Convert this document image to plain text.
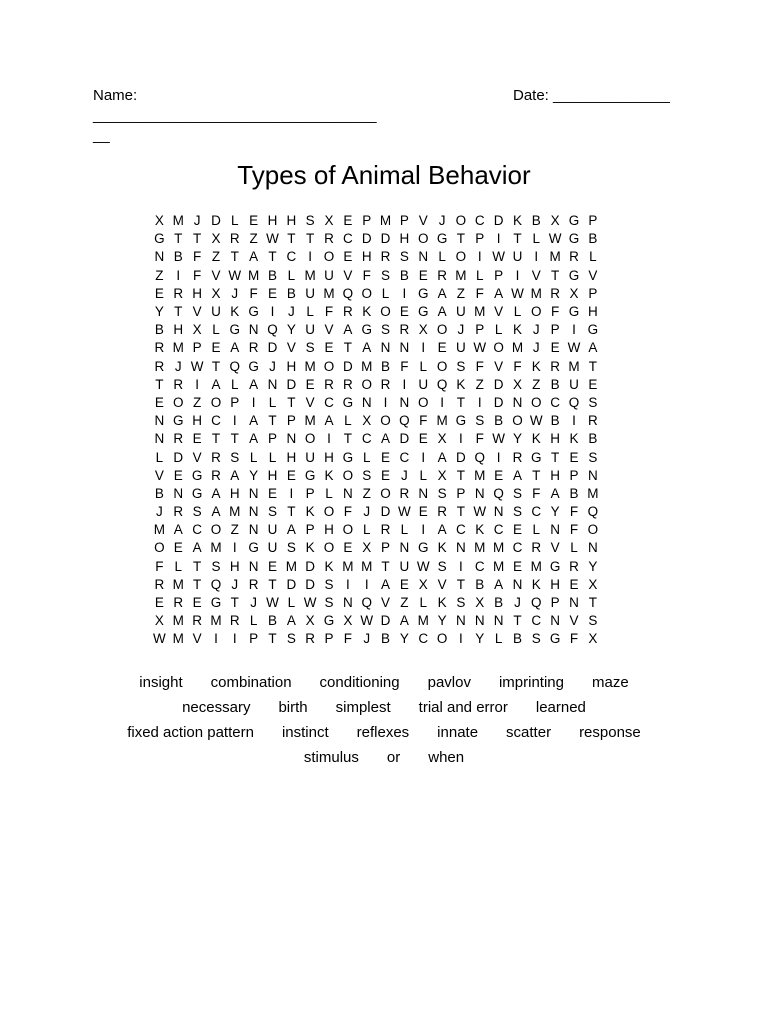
Name:
__________________________________
__
Date: ______________
Types of Animal Behavior
X M J D L E H H S X E P M P V J O C D K B X G P
G T T X R Z W T T R C D D H O G T P I T L W G B
N B F Z T A T C I O E H R S N L O I W U I M R L
Z I F V W M B L M U V F S B E R M L P I V T G V
E R H X J F E B U M Q O L I G A Z F A W M R X P
Y T V U K G I	J L F R K O E G A U M V L O F G H
B H X L G N Q Y U V A G S R X O J P L K J P I G
R M P E A R D V S E T A N N I E U W O M J E W A
R J W T Q G J H M O D M B F L O S F V F K R M T
T R I A L A N D E R R O R I U Q K Z D X Z B U E
E O Z O P I L T V C G N I N O I T I D N O C Q S
N G H C I A T P M A L X O Q F M G S B O W B I R
N R E T T A P N O I T C A D E X I F W Y K H K B
L D V R S L L H U H G L E C I A D Q I R G T E S
V E G R A Y H E G K O S E J L X T M E A T H P N
B N G A H N E I P L N Z O R N S P N Q S F A B M
J R S A M N S T K O F J D W E R T W N S C Y F Q
M A C O Z N U A P H O L R L I A C K C E L N F O
O E A M I G U S K O E X P N G K N M M C R V L N
F L T S H N E M D K M M T U W S I C M E M G R Y
R M T Q J R T D D S I	I A E X V T B A N K H E X
E R E G T J W L W S N Q V Z L K S X B J Q P N T
X M R M R L B A X G X W D A M Y N N N T C N V S
W M V I	I P T S R P F J B Y C O I Y L B S G F X
insight	combination	conditioning	pavlov	imprinting	maze
necessary	birth	simplest	trial and error	learned
fixed action pattern	instinct	reflexes	innate	scatter	response
stimulus	or	when
